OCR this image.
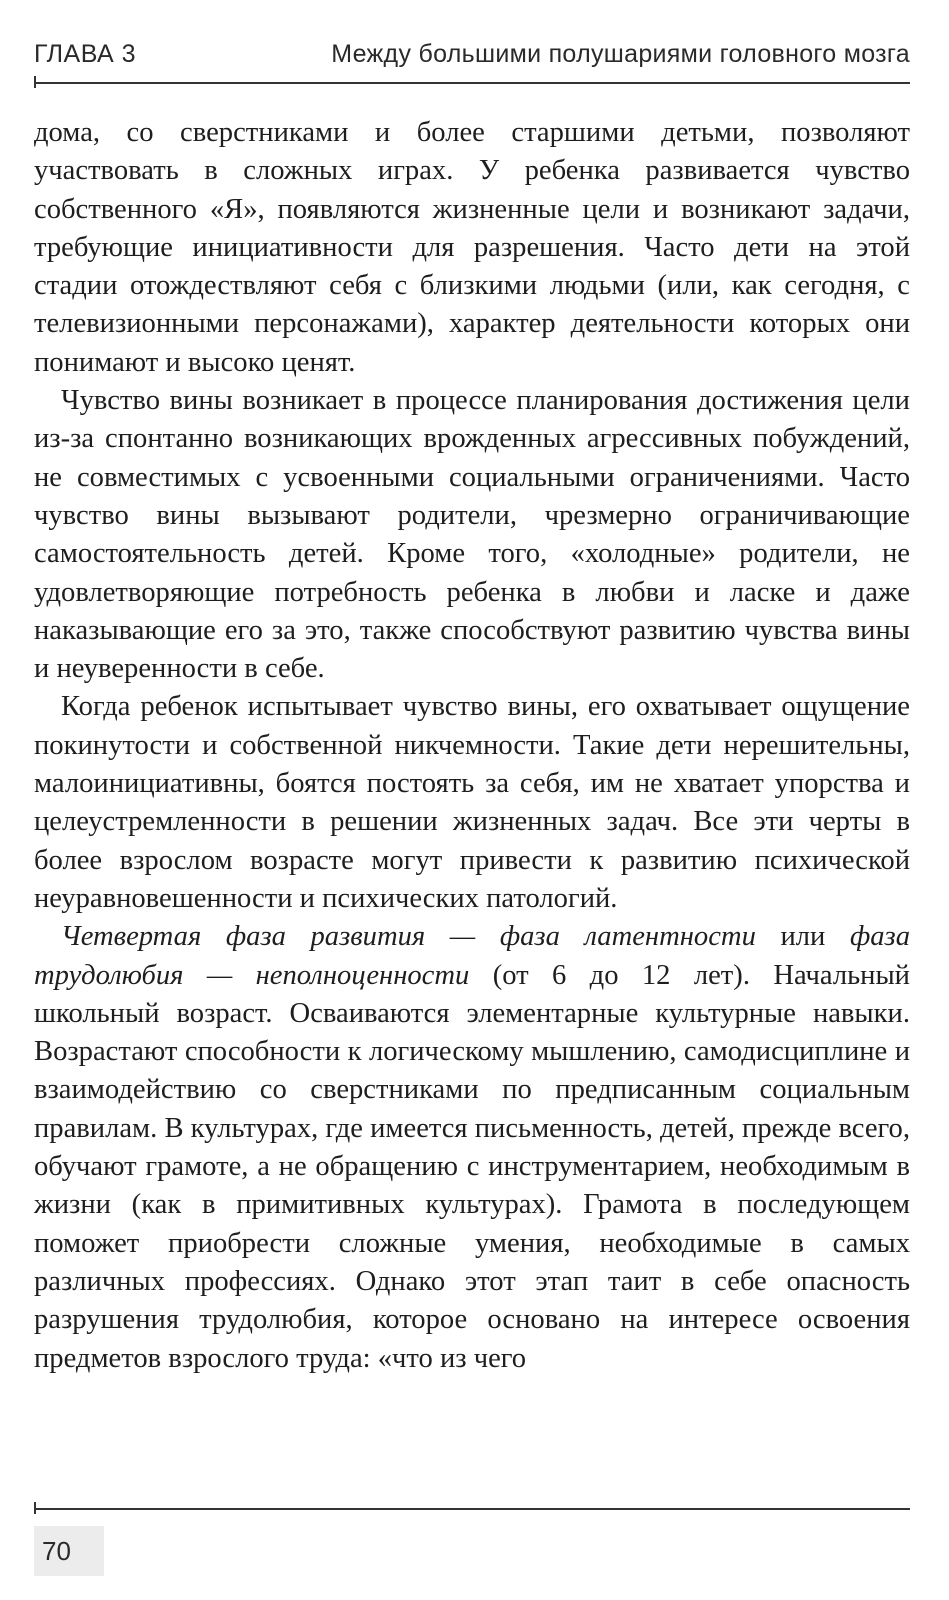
ГЛАВА 3	Между большими полушариями головного мозга

дома, со сверстниками и более старшими детьми, позволяют участвовать в сложных играх. У ребенка развивается чувство собственного «Я», появляются жизненные цели и возникают задачи, требующие инициативности для разрешения. Часто дети на этой стадии отождествляют себя с близкими людьми (или, как сегодня, с телевизионными персонажами), характер деятельности которых они понимают и высоко ценят.

Чувство вины возникает в процессе планирования достижения цели из-за спонтанно возникающих врожденных агрессивных побуждений, не совместимых с усвоенными социальными ограничениями. Часто чувство вины вызывают родители, чрезмерно ограничивающие самостоятельность детей. Кроме того, «холодные» родители, не удовлетворяющие потребность ребенка в любви и ласке и даже наказывающие его за это, также способствуют развитию чувства вины и неуверенности в себе.

Когда ребенок испытывает чувство вины, его охватывает ощущение покинутости и собственной никчемности. Такие дети нерешительны, малоинициативны, боятся постоять за себя, им не хватает упорства и целеустремленности в решении жизненных задач. Все эти черты в более взрослом возрасте могут привести к развитию психической неуравновешенности и психических патологий.

Четвертая фаза развития — фаза латентности или фаза трудолюбия — неполноценности (от 6 до 12 лет). Начальный школьный возраст. Осваиваются элементарные культурные навыки. Возрастают способности к логическому мышлению, самодисциплине и взаимодействию со сверстниками по предписанным социальным правилам. В культурах, где имеется письменность, детей, прежде всего, обучают грамоте, а не обращению с инструментарием, необходимым в жизни (как в примитивных культурах). Грамота в последующем поможет приобрести сложные умения, необходимые в самых различных профессиях. Однако этот этап таит в себе опасность разрушения трудолюбия, которое основано на интересе освоения предметов взрослого труда: «что из чего

70
